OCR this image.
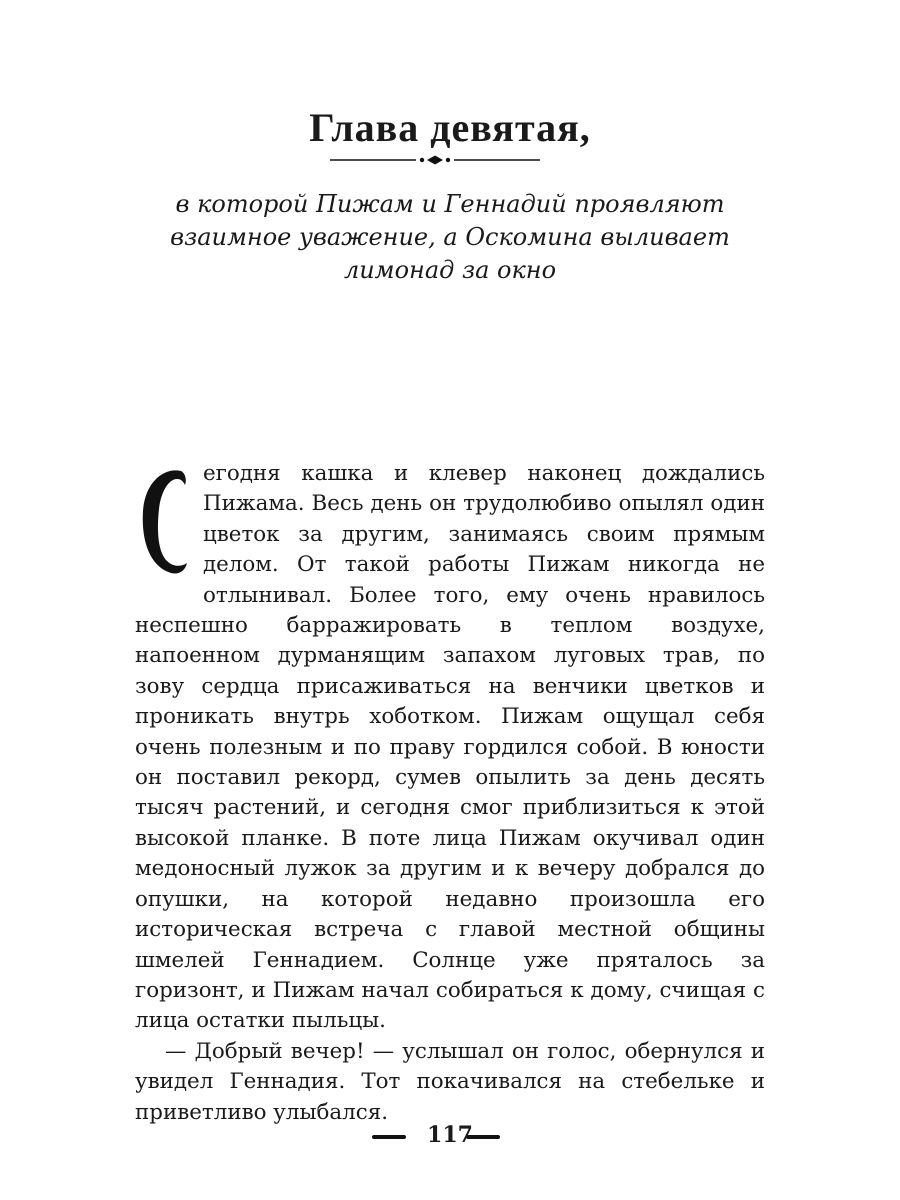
Глава девятая,

в которой Пижам и Геннадий проявляют взаимное уважение, а Оскомина выливает лимонад за окно

егодня кашка и клевер наконец дождались Пижама. Весь день он трудолюбиво опылял один цветок за другим, занимаясь своим прямым делом. От такой работы Пижам никогда не отлынивал. Более того, ему очень нравилось неспешно барражировать в теплом воздухе, напоенном дурманящим запахом луговых трав, по зову сердца присаживаться на венчики цветков и проникать внутрь хоботком. Пижам ощущал себя очень полезным и по праву гордился собой. В юности он поставил рекорд, сумев опылить за день десять тысяч растений, и сегодня смог приблизиться к этой высокой планке. В поте лица Пижам окучивал один медоносный лужок за другим и к вечеру добрался до опушки, на которой недавно произошла его историческая встреча с главой местной общины шмелей Геннадием. Солнце уже пряталось за горизонт, и Пижам начал собираться к дому, счищая с лица остатки пыльцы.

— Добрый вечер! — услышал он голос, обернулся и увидел Геннадия. Тот покачивался на стебельке и приветливо улыбался.

117
